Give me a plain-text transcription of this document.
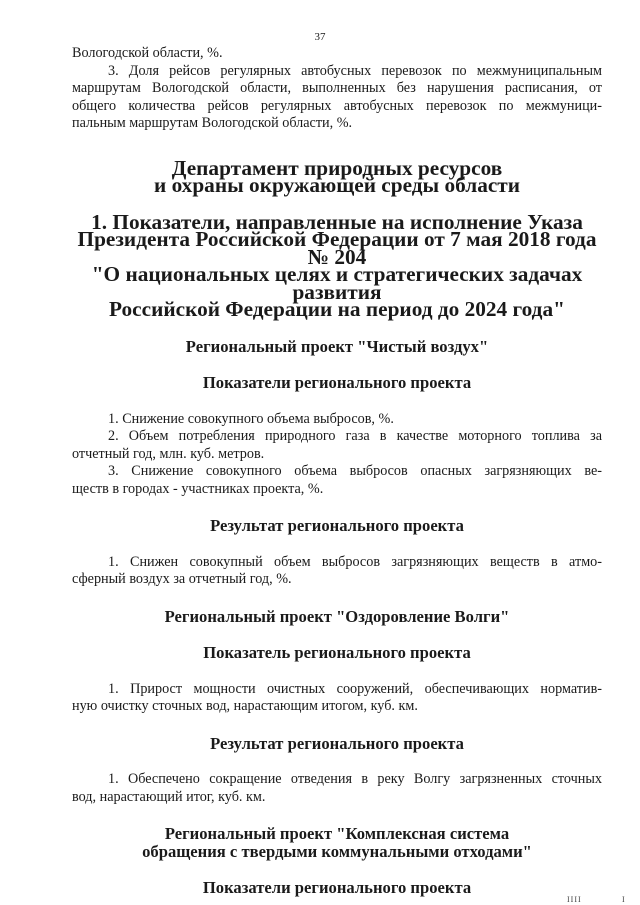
37

Вологодской области, %.

3. Доля рейсов регулярных автобусных перевозок по межмуниципальным
маршрутам Вологодской области, выполненных без нарушения расписания, от
общего количества рейсов регулярных автобусных перевозок по межмуници-
пальным маршрутам Вологодской области, %.

Департамент природных ресурсов
и охраны окружающей среды области
1. Показатели, направленные на исполнение Указа
Президента Российской Федерации от 7 мая 2018 года № 204
"О национальных целях и стратегических задачах развития
Российской Федерации на период до 2024 года"
Региональный проект "Чистый воздух"
Показатели регионального проекта

1. Снижение совокупного объема выбросов, %.

2. Объем потребления природного газа в качестве моторного топлива за
отчетный год, млн. куб. метров.

3. Снижение совокупного объема выбросов опасных загрязняющих ве-
ществ в городах - участниках проекта, %.

Результат регионального проекта

1. Снижен совокупный объем выбросов загрязняющих веществ в атмо-
сферный воздух за отчетный год, %.

Региональный проект "Оздоровление Волги"
Показатель регионального проекта

1. Прирост мощности очистных сооружений, обеспечивающих норматив-
ную очистку сточных вод, нарастающим итогом, куб. км.

Результат регионального проекта

1. Обеспечено сокращение отведения в реку Волгу загрязненных сточных
вод, нарастающий итог, куб. км.

Региональный проект "Комплексная система
обращения с твердыми коммунальными отходами"
Показатели регионального проекта
IIII	I
